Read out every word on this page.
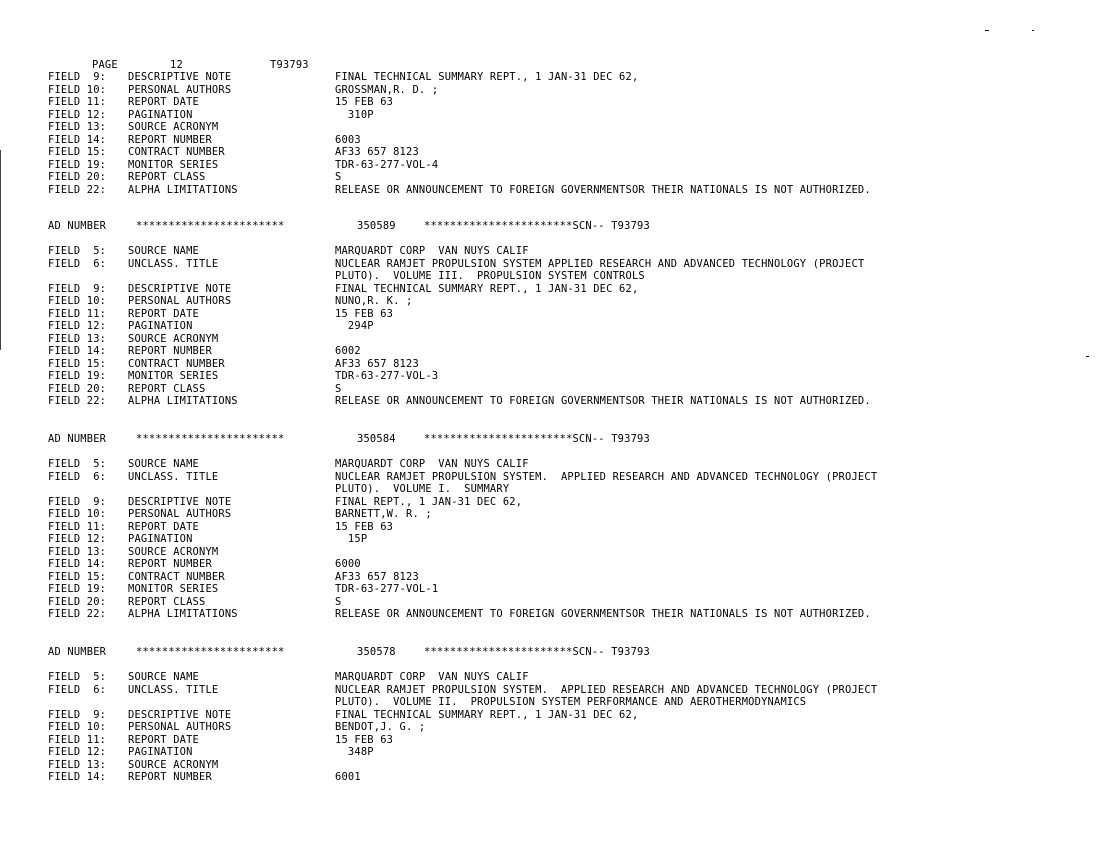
PAGE	12	T93793
FIELD  9: DESCRIPTIVE NOTE	FINAL TECHNICAL SUMMARY REPT., 1 JAN-31 DEC 62,
FIELD 10: PERSONAL AUTHORS	GROSSMAN,R. D. ;
FIELD 11: REPORT DATE	15 FEB 63
FIELD 12: PAGINATION	310P
FIELD 13: SOURCE ACRONYM
FIELD 14: REPORT NUMBER	6003
FIELD 15: CONTRACT NUMBER	AF33 657 8123
FIELD 19: MONITOR SERIES	TDR-63-277-VOL-4
FIELD 20: REPORT CLASS	S
FIELD 22: ALPHA LIMITATIONS	RELEASE OR ANNOUNCEMENT TO FOREIGN GOVERNMENTSOR THEIR NATIONALS IS NOT AUTHORIZED.
AD NUMBER	***********************	350589	***********************SCN-- T93793
FIELD  5: SOURCE NAME	MARQUARDT CORP  VAN NUYS CALIF
FIELD  6: UNCLASS. TITLE	NUCLEAR RAMJET PROPULSION SYSTEM APPLIED RESEARCH AND ADVANCED TECHNOLOGY (PROJECT
PLUTO).  VOLUME III.  PROPULSION SYSTEM CONTROLS
FIELD  9: DESCRIPTIVE NOTE	FINAL TECHNICAL SUMMARY REPT., 1 JAN-31 DEC 62,
FIELD 10: PERSONAL AUTHORS	NUNO,R. K. ;
FIELD 11: REPORT DATE	15 FEB 63
FIELD 12: PAGINATION	294P
FIELD 13: SOURCE ACRONYM
FIELD 14: REPORT NUMBER	6002
FIELD 15: CONTRACT NUMBER	AF33 657 8123
FIELD 19: MONITOR SERIES	TDR-63-277-VOL-3
FIELD 20: REPORT CLASS	S
FIELD 22: ALPHA LIMITATIONS	RELEASE OR ANNOUNCEMENT TO FOREIGN GOVERNMENTSOR THEIR NATIONALS IS NOT AUTHORIZED.
AD NUMBER	***********************	350584	***********************SCN-- T93793
FIELD  5: SOURCE NAME	MARQUARDT CORP  VAN NUYS CALIF
FIELD  6: UNCLASS. TITLE	NUCLEAR RAMJET PROPULSION SYSTEM.  APPLIED RESEARCH AND ADVANCED TECHNOLOGY (PROJECT
PLUTO).  VOLUME I.  SUMMARY
FIELD  9: DESCRIPTIVE NOTE	FINAL REPT., 1 JAN-31 DEC 62,
FIELD 10: PERSONAL AUTHORS	BARNETT,W. R. ;
FIELD 11: REPORT DATE	15 FEB 63
FIELD 12: PAGINATION	15P
FIELD 13: SOURCE ACRONYM
FIELD 14: REPORT NUMBER	6000
FIELD 15: CONTRACT NUMBER	AF33 657 8123
FIELD 19: MONITOR SERIES	TDR-63-277-VOL-1
FIELD 20: REPORT CLASS	S
FIELD 22: ALPHA LIMITATIONS	RELEASE OR ANNOUNCEMENT TO FOREIGN GOVERNMENTSOR THEIR NATIONALS IS NOT AUTHORIZED.
AD NUMBER	***********************	350578	***********************SCN-- T93793
FIELD  5: SOURCE NAME	MARQUARDT CORP  VAN NUYS CALIF
FIELD  6: UNCLASS. TITLE	NUCLEAR RAMJET PROPULSION SYSTEM.  APPLIED RESEARCH AND ADVANCED TECHNOLOGY (PROJECT
PLUTO).  VOLUME II.  PROPULSION SYSTEM PERFORMANCE AND AEROTHERMODYNAMICS
FIELD  9: DESCRIPTIVE NOTE	FINAL TECHNICAL SUMMARY REPT., 1 JAN-31 DEC 62,
FIELD 10: PERSONAL AUTHORS	BENDOT,J. G. ;
FIELD 11: REPORT DATE	15 FEB 63
FIELD 12: PAGINATION	348P
FIELD 13: SOURCE ACRONYM
FIELD 14: REPORT NUMBER	6001
